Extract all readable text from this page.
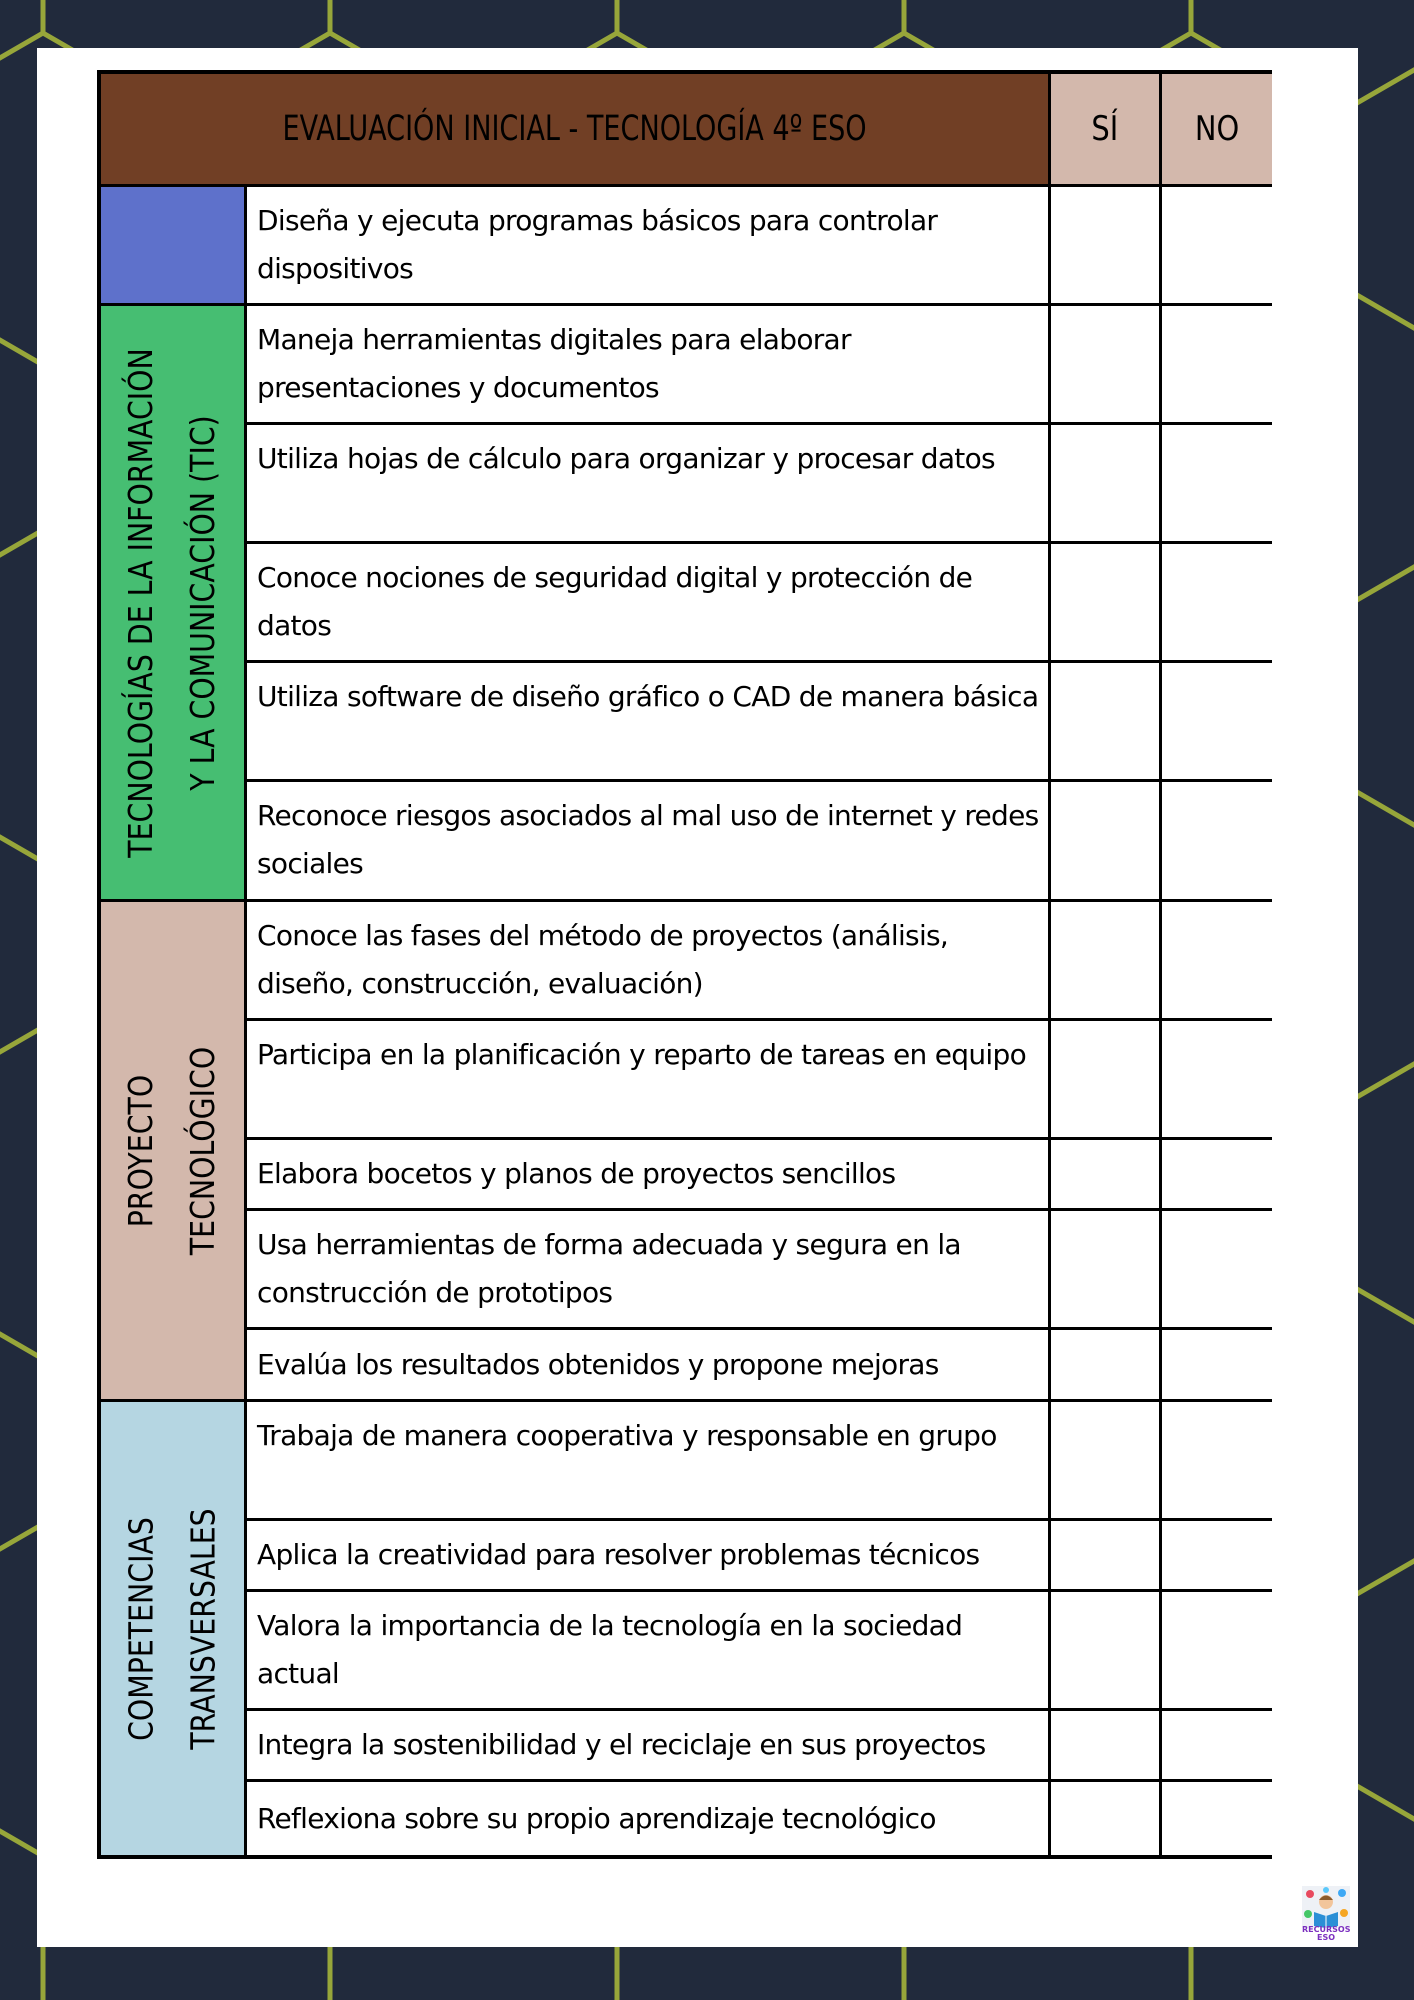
EVALUACIÓN INICIAL - TECNOLOGÍA 4º ESO	SÍ NO
Diseña y ejecuta programas básicos para controlar dispositivos
TECNOLOGÍAS DE LA INFORMACIÓN Y LA COMUNICACIÓN (TIC)
Maneja herramientas digitales para elaborar presentaciones y documentos
Utiliza hojas de cálculo para organizar y procesar datos
Conoce nociones de seguridad digital y protección de datos
Utiliza software de diseño gráfico o CAD de manera básica
Reconoce riesgos asociados al mal uso de internet y redes sociales
PROYECTO TECNOLÓGICO
Conoce las fases del método de proyectos (análisis, diseño, construcción, evaluación)
Participa en la planificación y reparto de tareas en equipo
Elabora bocetos y planos de proyectos sencillos
Usa herramientas de forma adecuada y segura en la construcción de prototipos
Evalúa los resultados obtenidos y propone mejoras
COMPETENCIAS TRANSVERSALES
Trabaja de manera cooperativa y responsable en grupo
Aplica la creatividad para resolver problemas técnicos
Valora la importancia de la tecnología en la sociedad actual
Integra la sostenibilidad y el reciclaje en sus proyectos
Reflexiona sobre su propio aprendizaje tecnológico
RECURSOS ESO
